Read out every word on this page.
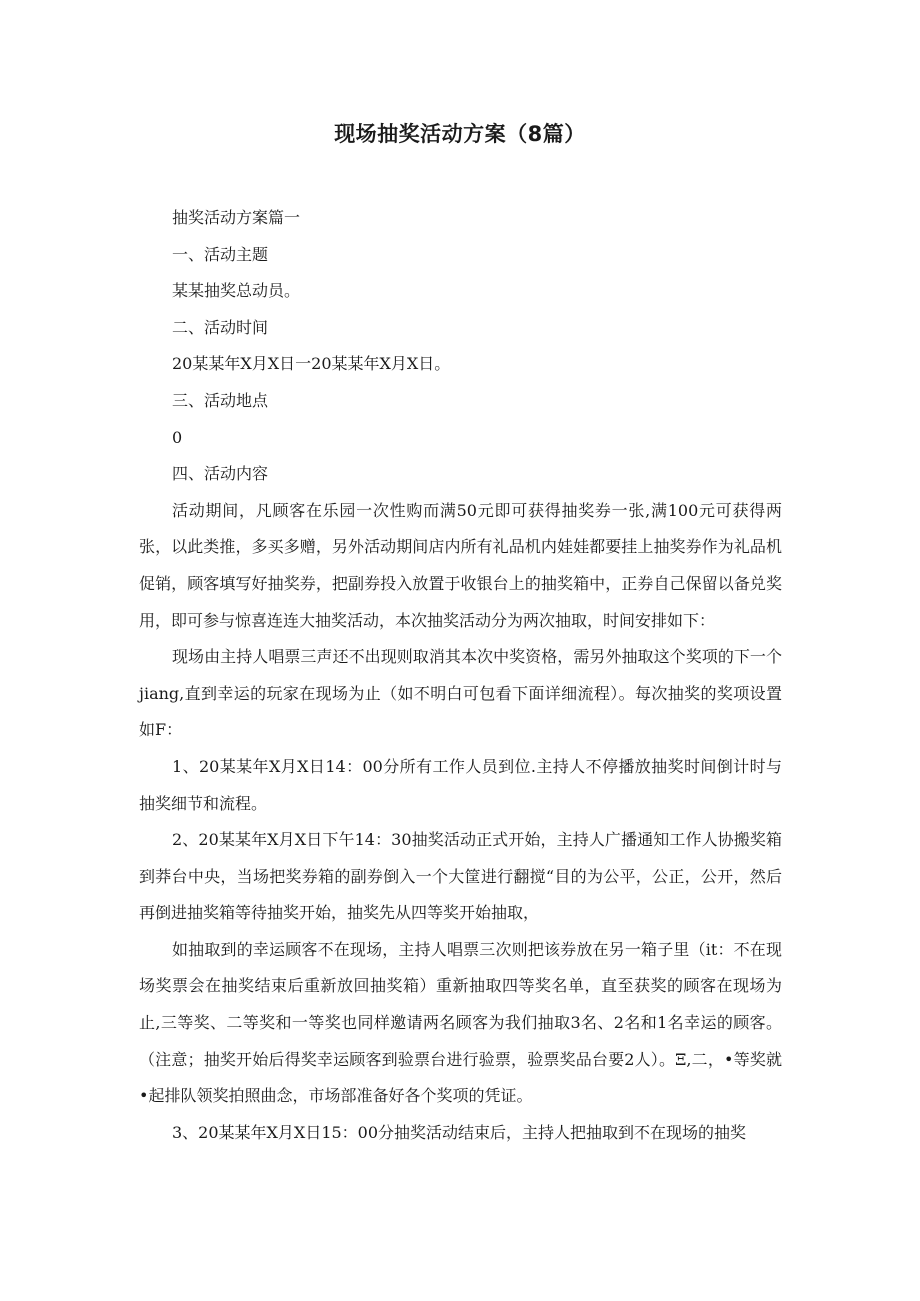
现场抽奖活动方案（8篇）

抽奖活动方案篇一

一、活动主题

某某抽奖总动员。

二、活动时间

20某某年X月X日一20某某年X月X日。

三、活动地点

0

四、活动内容

活动期间，凡顾客在乐园一次性购而满50元即可获得抽奖券一张,满100元可获得两张，以此类推，多买多赠，另外活动期间店内所有礼品机内娃娃都要挂上抽奖券作为礼品机促销，顾客填写好抽奖券，把副券投入放置于收银台上的抽奖箱中，正券自己保留以备兑奖用，即可参与惊喜连连大抽奖活动，本次抽奖活动分为两次抽取，时间安排如下：

现场由主持人唱票三声还不出现则取消其本次中奖资格，需另外抽取这个奖项的下一个jiang,直到幸运的玩家在现场为止（如不明白可包看下面详细流程）。每次抽奖的奖项设置如F：

1、20某某年X月X日14：00分所有工作人员到位.主持人不停播放抽奖时间倒计时与抽奖细节和流程。

2、20某某年X月X日下午14：30抽奖活动正式开始，主持人广播通知工作人协搬奖箱到莽台中央，当场把奖券箱的副券倒入一个大筐进行翻搅“目的为公平，公正，公开，然后再倒进抽奖箱等待抽奖开始，抽奖先从四等奖开始抽取，

如抽取到的幸运顾客不在现场，主持人唱票三次则把该券放在另一箱子里（it：不在现场奖票会在抽奖结束后重新放回抽奖箱）重新抽取四等奖名单，直至获奖的顾客在现场为止,三等奖、二等奖和一等奖也同样邀请两名顾客为我们抽取3名、2名和1名幸运的顾客。（注意；抽奖开始后得奖幸运顾客到验票台进行验票，验票奖品台要2人）。Ξ,二，•等奖就•起排队领奖拍照曲念，市场部准备好各个奖项的凭证。

3、20某某年X月X日15：00分抽奖活动结束后，主持人把抽取到不在现场的抽奖
